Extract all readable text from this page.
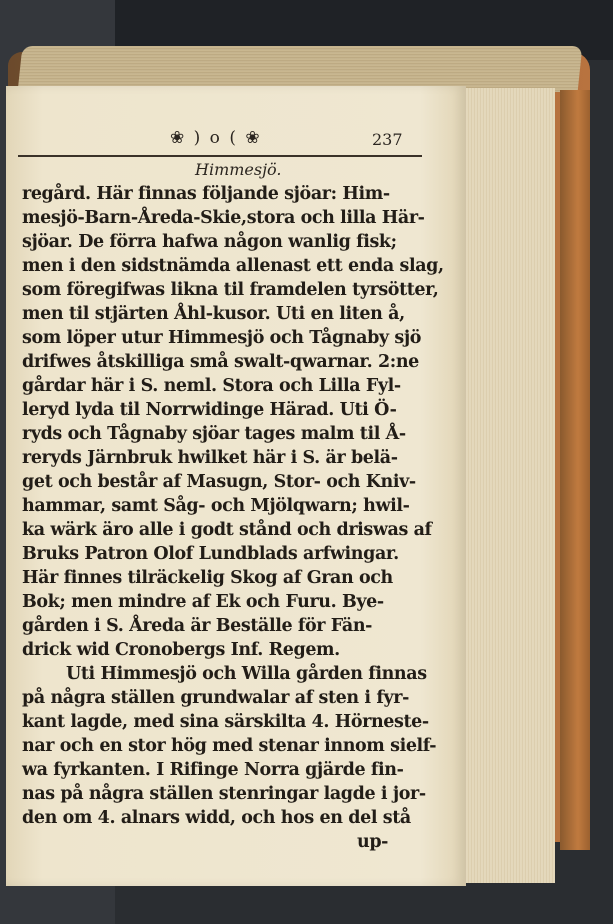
❀ ) o ( ❀	237
Himmesjö.
regård. Här finnas följande sjöar: Him-
mesjö-Barn-Åreda-Skie,stora och lilla Här-
sjöar. De förra hafwa någon wanlig fisk;
men i den sidstnämda allenast ett enda slag,
som föregifwas likna til framdelen tyrsötter,
men til stjärten Åhl-kusor. Uti en liten å,
som löper utur Himmesjö och Tågnaby sjö
drifwes åtskilliga små swalt-qwarnar. 2:ne
gårdar här i S. neml. Stora och Lilla Fyl-
leryd lyda til Norrwidinge Härad. Uti Ö-
ryds och Tågnaby sjöar tages malm til Å-
reryds Järnbruk hwilket här i S. är belä-
get och består af Masugn, Stor- och Kniv-
hammar, samt Såg- och Mjölqwarn; hwil-
ka wärk äro alle i godt stånd och driswas af
Bruks Patron Olof Lundblads arfwingar.
Här finnes tilräckelig Skog af Gran och
Bok; men mindre af Ek och Furu. Bye-
gården i S. Åreda är Beställe för Fän-
drick wid Cronobergs Inf. Regem.
Uti Himmesjö och Willa gården finnas
på några ställen grundwalar af sten i fyr-
kant lagde, med sina särskilta 4. Hörneste-
nar och en stor hög med stenar innom sielf-
wa fyrkanten. I Rifinge Norra gjärde fin-
nas på några ställen stenringar lagde i jor-
den om 4. alnars widd, och hos en del stå
up-
